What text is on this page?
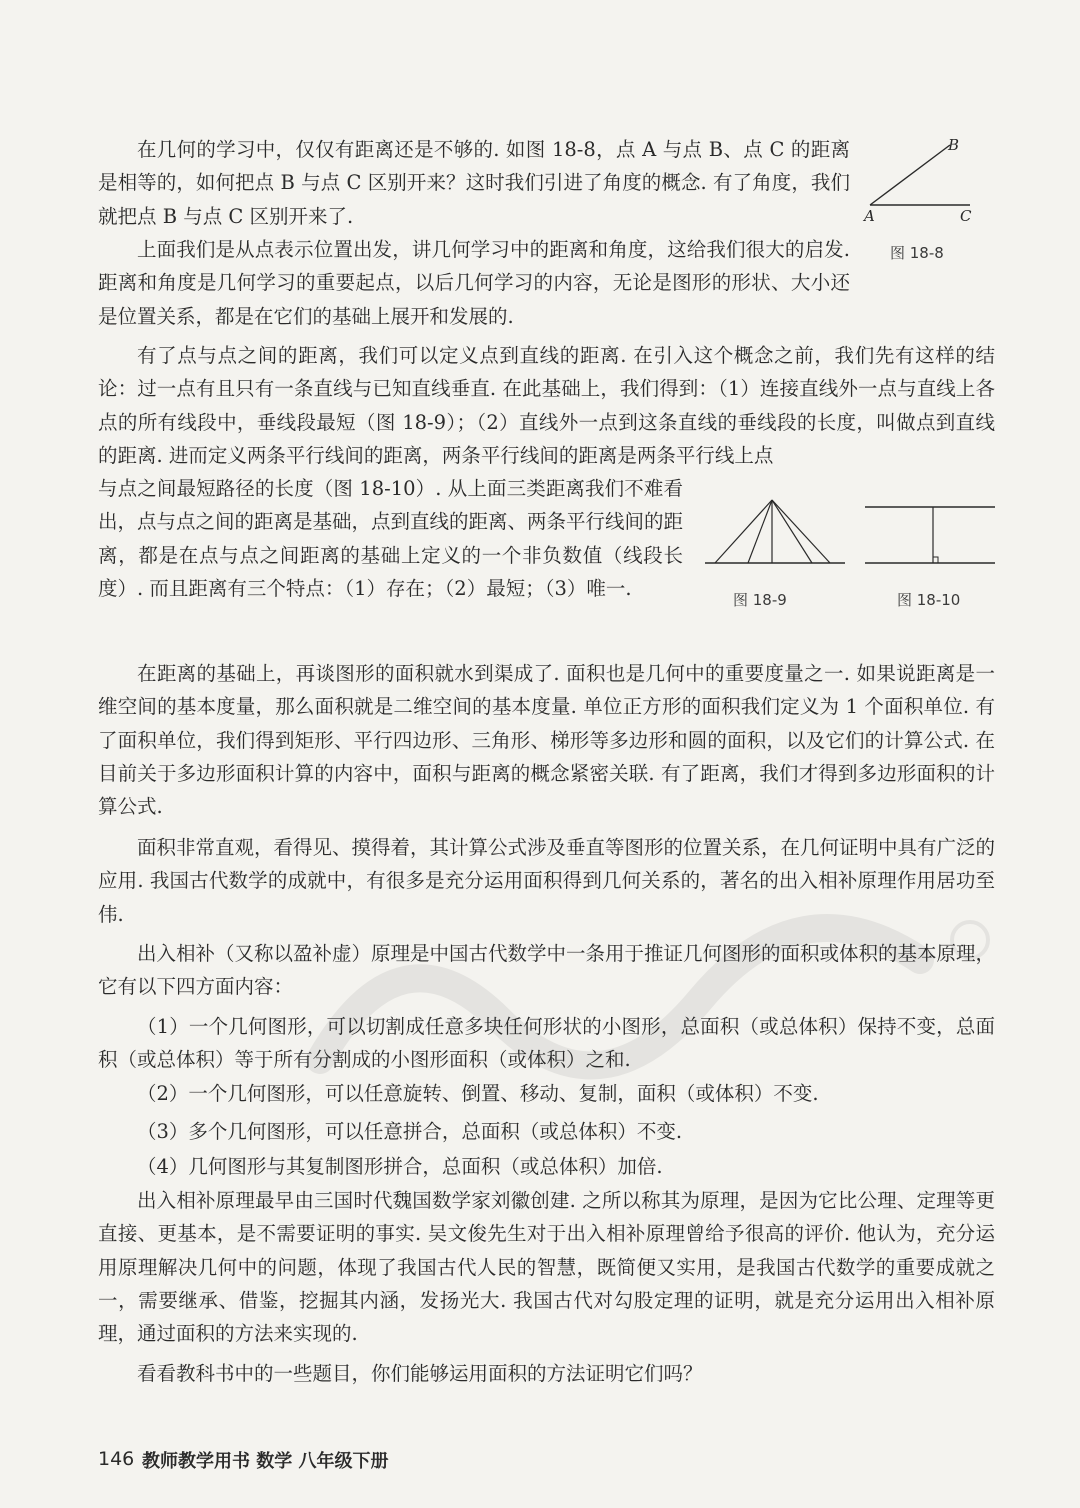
在几何的学习中，仅仅有距离还是不够的. 如图 18-8，点 A 与点 B、点 C 的距离是相等的，如何把点 B 与点 C 区别开来？这时我们引进了角度的概念. 有了角度，我们就把点 B 与点 C 区别开来了.	A
B
C
图 18-8

上面我们是从点表示位置出发，讲几何学习中的距离和角度，这给我们很大的启发. 距离和角度是几何学习的重要起点，以后几何学习的内容，无论是图形的形状、大小还是位置关系，都是在它们的基础上展开和发展的.

有了点与点之间的距离，我们可以定义点到直线的距离. 在引入这个概念之前，我们先有这样的结论：过一点有且只有一条直线与已知直线垂直. 在此基础上，我们得到：（1）连接直线外一点与直线上各点的所有线段中，垂线段最短（图 18-9）；（2）直线外一点到这条直线的垂线段的长度，叫做点到直线的距离. 进而定义两条平行线间的距离，两条平行线间的距离是两条平行线上点

与点之间最短路径的长度（图 18-10）. 从上面三类距离我们不难看出，点与点之间的距离是基础，点到直线的距离、两条平行线间的距离，都是在点与点之间距离的基础上定义的一个非负数值（线段长度）. 而且距离有三个特点：（1）存在；（2）最短；（3）唯一.

图 18-9	图 18-10

在距离的基础上，再谈图形的面积就水到渠成了. 面积也是几何中的重要度量之一. 如果说距离是一维空间的基本度量，那么面积就是二维空间的基本度量. 单位正方形的面积我们定义为 1 个面积单位. 有了面积单位，我们得到矩形、平行四边形、三角形、梯形等多边形和圆的面积，以及它们的计算公式. 在目前关于多边形面积计算的内容中，面积与距离的概念紧密关联. 有了距离，我们才得到多边形面积的计算公式.

面积非常直观，看得见、摸得着，其计算公式涉及垂直等图形的位置关系，在几何证明中具有广泛的应用. 我国古代数学的成就中，有很多是充分运用面积得到几何关系的，著名的出入相补原理作用居功至伟.

出入相补（又称以盈补虚）原理是中国古代数学中一条用于推证几何图形的面积或体积的基本原理，它有以下四方面内容：

（1）一个几何图形，可以切割成任意多块任何形状的小图形，总面积（或总体积）保持不变，总面积（或总体积）等于所有分割成的小图形面积（或体积）之和.

（2）一个几何图形，可以任意旋转、倒置、移动、复制，面积（或体积）不变.

（3）多个几何图形，可以任意拼合，总面积（或总体积）不变.

（4）几何图形与其复制图形拼合，总面积（或总体积）加倍.

出入相补原理最早由三国时代魏国数学家刘徽创建. 之所以称其为原理，是因为它比公理、定理等更直接、更基本，是不需要证明的事实. 吴文俊先生对于出入相补原理曾给予很高的评价. 他认为，充分运用原理解决几何中的问题，体现了我国古代人民的智慧，既简便又实用，是我国古代数学的重要成就之一，需要继承、借鉴，挖掘其内涵，发扬光大. 我国古代对勾股定理的证明，就是充分运用出入相补原理，通过面积的方法来实现的.

看看教科书中的一些题目，你们能够运用面积的方法证明它们吗？

146 教师教学用书 数学 八年级下册
